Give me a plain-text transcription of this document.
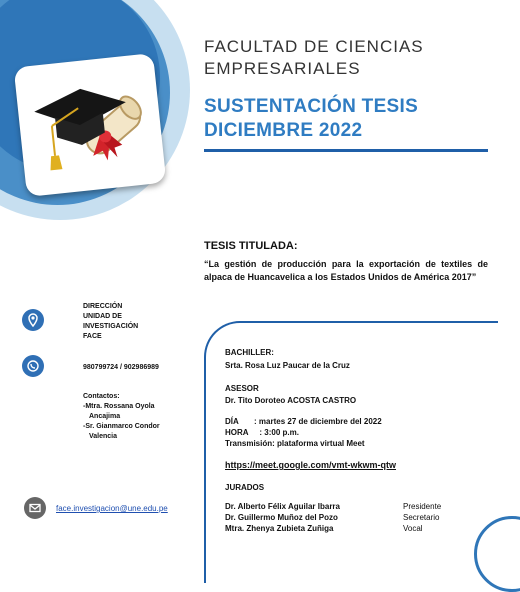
FACULTAD DE CIENCIAS
EMPRESARIALES
SUSTENTACIÓN TESIS
DICIEMBRE 2022

TESIS TITULADA:

“La gestión de producción para la exportación de textiles de alpaca de Huancavelica a los Estados Unidos de América 2017”

DIRECCIÓN
UNIDAD DE
INVESTIGACIÓN
FACE
980799724 / 902986989
Contactos:
-Mtra. Rossana Oyola
Ancajima
-Sr. Gianmarco Condor
Valencia
face.investigacion@une.edu.pe
BACHILLER:
Srta. Rosa Luz Paucar de la Cruz
ASESOR
Dr. Tito Doroteo ACOSTA CASTRO
DÍA       : martes 27 de diciembre del 2022
HORA     : 3:00 p.m.
Transmisión: plataforma virtual Meet
https://meet.google.com/vmt-wkwm-qtw
JURADOS
Dr. Alberto Félix Aguilar Ibarra	Presidente
Dr. Guillermo Muñoz del Pozo	Secretario
Mtra. Zhenya Zubieta Zuñiga	Vocal
